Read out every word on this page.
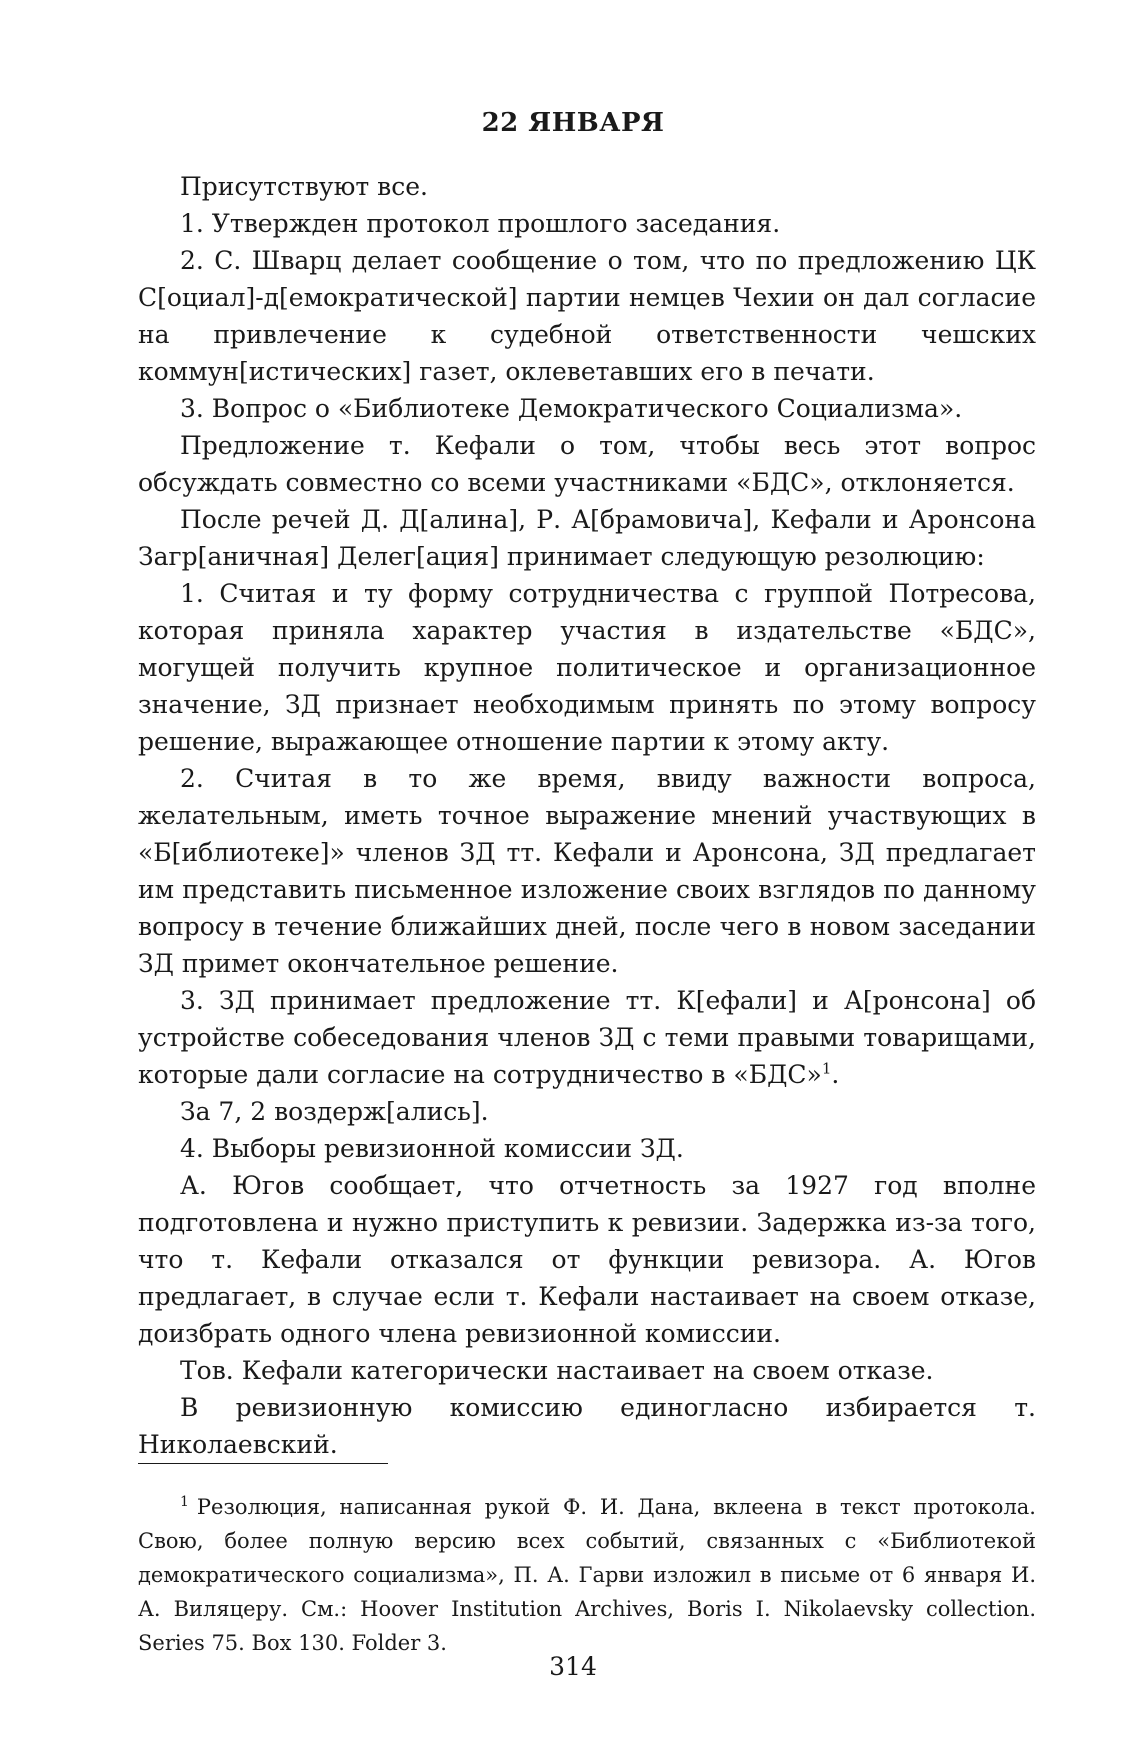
22 ЯНВАРЯ

Присутствуют все.

1. Утвержден протокол прошлого заседания.

2. С. Шварц делает сообщение о том, что по предложению ЦК С[оциал]-д[емократической] партии немцев Чехии он дал согласие на привлечение к судебной ответственности чешских коммун[истических] газет, оклеветавших его в печати.

3. Вопрос о «Библиотеке Демократического Социализма».

Предложение т. Кефали о том, чтобы весь этот вопрос обсуждать совместно со всеми участниками «БДС», отклоняется.

После речей Д. Д[алина], Р. А[брамовича], Кефали и Аронсона Загр[аничная] Делег[ация] принимает следующую резолюцию:

1. Считая и ту форму сотрудничества с группой Потресова, которая приняла характер участия в издательстве «БДС», могущей получить крупное политическое и организационное значение, ЗД признает необходимым принять по этому вопросу решение, выражающее отношение партии к этому акту.

2. Считая в то же время, ввиду важности вопроса, желательным, иметь точное выражение мнений участвующих в «Б[иблиотеке]» членов ЗД тт. Кефали и Аронсона, ЗД предлагает им представить письменное изложение своих взглядов по данному вопросу в течение ближайших дней, после чего в новом заседании ЗД примет окончательное решение.

3. ЗД принимает предложение тт. К[ефали] и А[ронсона] об устройстве собеседования членов ЗД с теми правыми товарищами, которые дали согласие на сотрудничество в «БДС»$^1$.

За 7, 2 воздерж[ались].

4. Выборы ревизионной комиссии ЗД.

А. Югов сообщает, что отчетность за 1927 год вполне подготовлена и нужно приступить к ревизии. Задержка из-за того, что т. Кефали отказался от функции ревизора. А. Югов предлагает, в случае если т. Кефали настаивает на своем отказе, доизбрать одного члена ревизионной комиссии.

Тов. Кефали категорически настаивает на своем отказе.

В ревизионную комиссию единогласно избирается т. Николаевский.

$^1$ Резолюция, написанная рукой Ф. И. Дана, вклеена в текст протокола. Свою, более полную версию всех событий, связанных с «Библиотекой демократического социализма», П. А. Гарви изложил в письме от 6 января И. А. Виляцеру. См.: Hoover Institution Archives, Boris I. Nikolaevsky collection. Series 75. Box 130. Folder 3.

314
